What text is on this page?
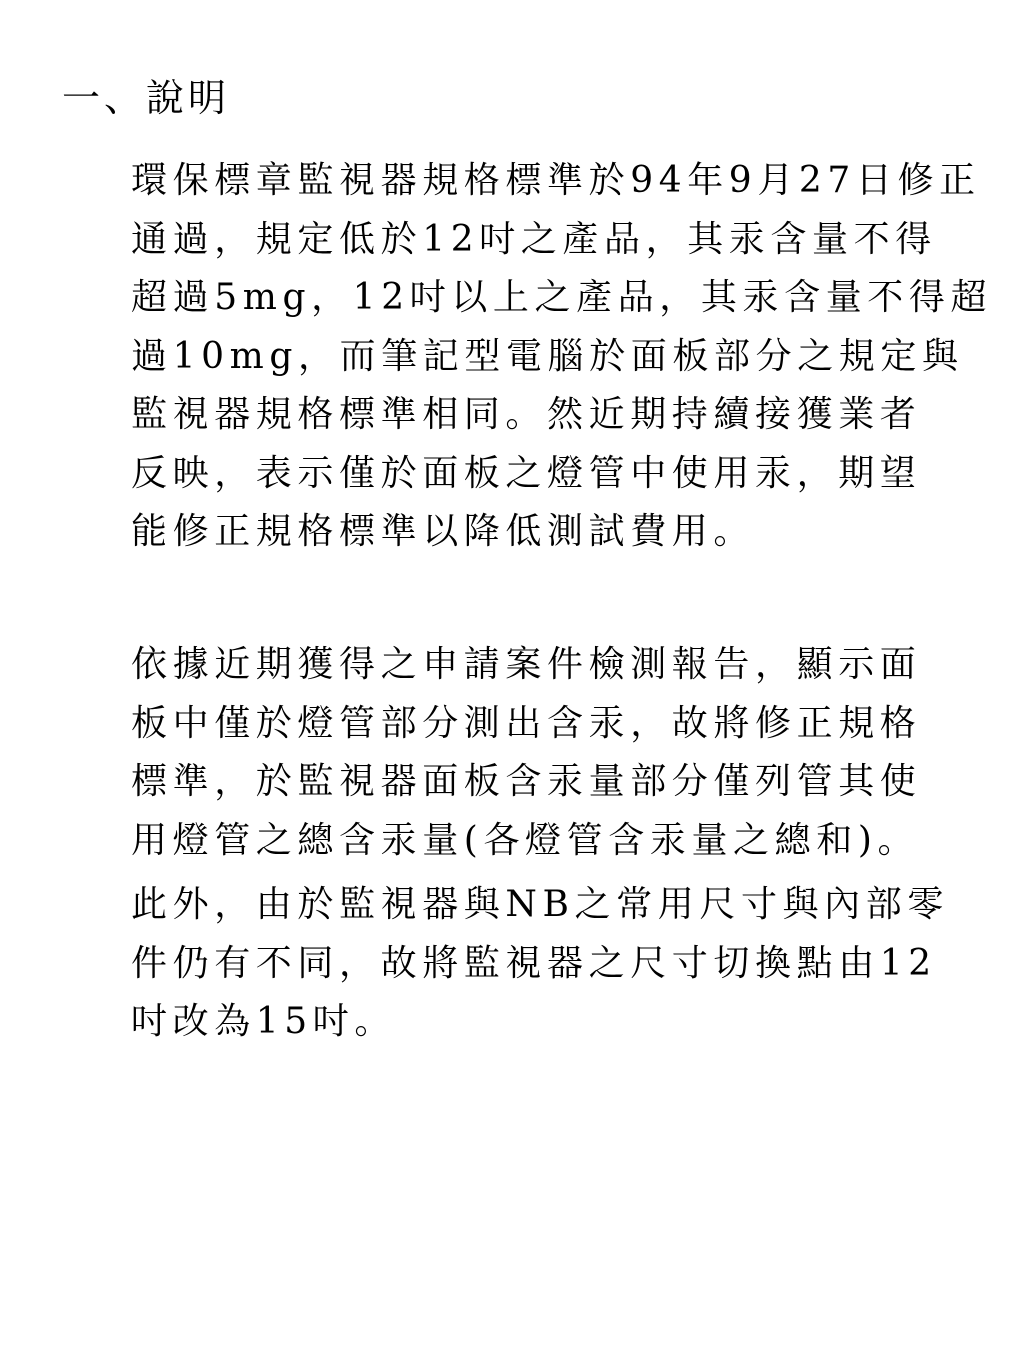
一、說明
環保標章監視器規格標準於94年9月27日修正
通過，規定低於12吋之產品，其汞含量不得
超過5mg，12吋以上之產品，其汞含量不得超
過10mg，而筆記型電腦於面板部分之規定與
監視器規格標準相同。然近期持續接獲業者
反映，表示僅於面板之燈管中使用汞，期望
能修正規格標準以降低測試費用。
依據近期獲得之申請案件檢測報告，顯示面
板中僅於燈管部分測出含汞，故將修正規格
標準，於監視器面板含汞量部分僅列管其使
用燈管之總含汞量(各燈管含汞量之總和)。
此外，由於監視器與NB之常用尺寸與內部零
件仍有不同，故將監視器之尺寸切換點由12
吋改為15吋。
